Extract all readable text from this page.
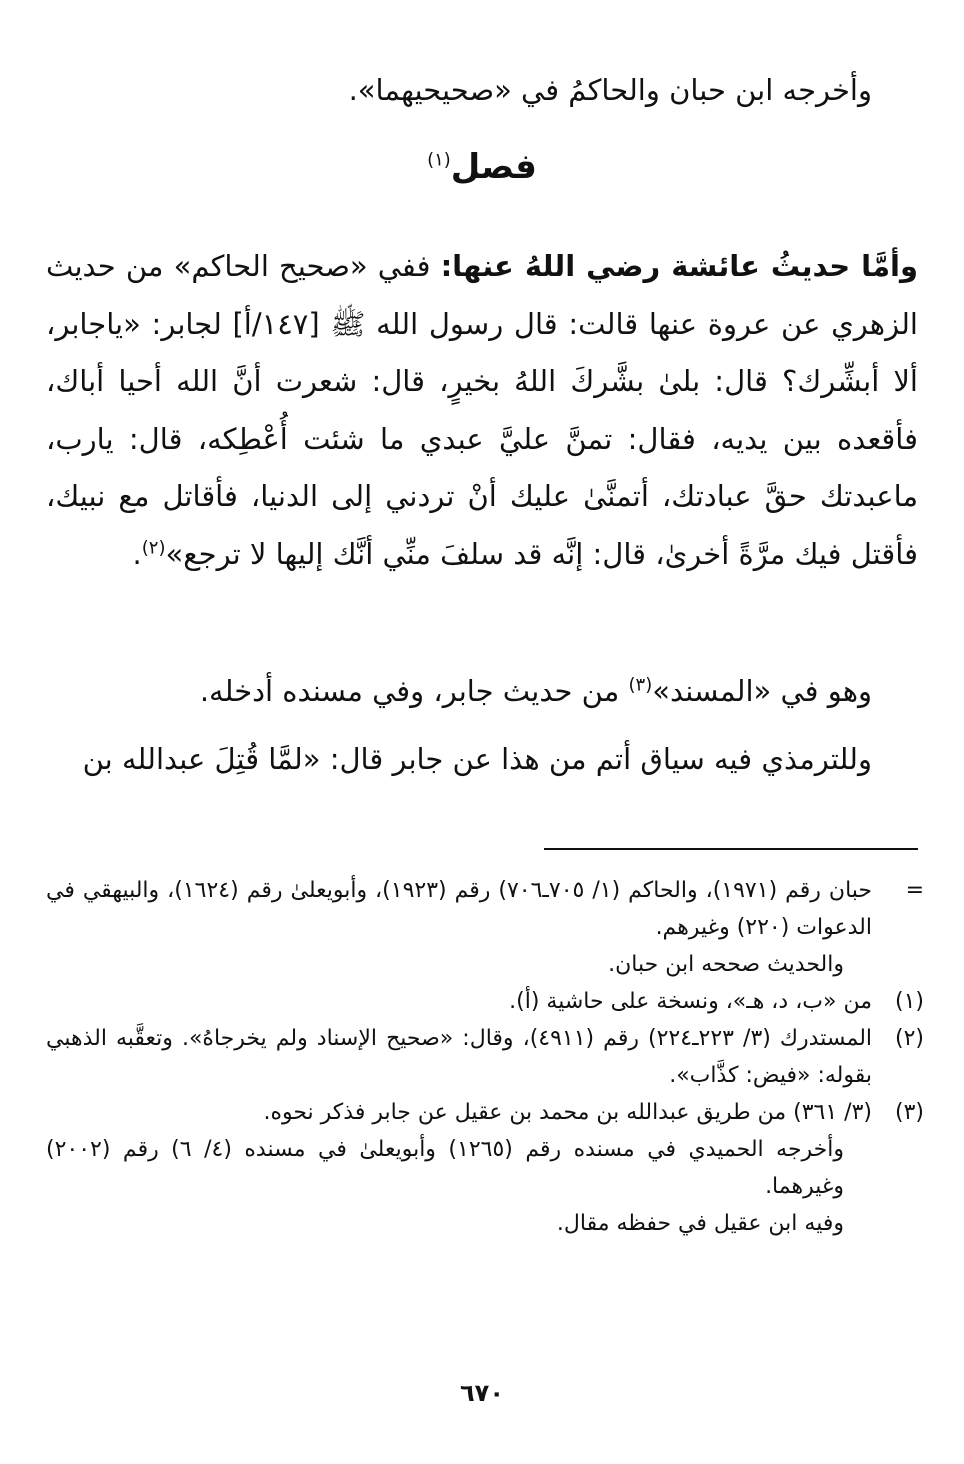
وأخرجه ابن حبان والحاكمُ في «صحيحيهما».

فصل$^{(١)}$

وأمَّا حديثُ عائشة رضي اللهُ عنها: ففي «صحيح الحاكم» من حديث الزهري عن عروة عنها قالت: قال رسول الله ﷺ [١٤٧/أ] لجابر: «ياجابر، ألا أبشِّرك؟ قال: بلىٰ بشَّركَ اللهُ بخيرٍ، قال: شعرت أنَّ الله أحيا أباك، فأقعده بين يديه، فقال: تمنَّ عليَّ عبدي ما شئت أُعْطِكه، قال: يارب، ماعبدتك حقَّ عبادتك، أتمنَّىٰ عليك أنْ تردني إلى الدنيا، فأقاتل مع نبيك، فأقتل فيك مرَّةً أخرىٰ، قال: إنَّه قد سلفَ منِّي أنَّك إليها لا ترجع»$^{(٢)}$.

وهو في «المسند»$^{(٣)}$ من حديث جابر، وفي مسنده أدخله.

وللترمذي فيه سياق أتم من هذا عن جابر قال: «لمَّا قُتِلَ عبدالله بن

=
حبان رقم (١٩٧١)، والحاكم (١/ ٧٠٥ـ٧٠٦) رقم (١٩٢٣)، وأبويعلىٰ رقم (١٦٢٤)، والبيهقي في الدعوات (٢٢٠) وغيرهم.
والحديث صححه ابن حبان.
(١)
من «ب، د، هـ»، ونسخة على حاشية (أ).
(٢)
المستدرك (٣/ ٢٢٣ـ٢٢٤) رقم (٤٩١١)، وقال: «صحيح الإسناد ولم يخرجاهُ». وتعقَّبه الذهبي بقوله: «فيض: كذَّاب».
(٣)
(٣/ ٣٦١) من طريق عبدالله بن محمد بن عقيل عن جابر فذكر نحوه.
وأخرجه الحميدي في مسنده رقم (١٢٦٥) وأبويعلىٰ في مسنده (٤/ ٦) رقم (٢٠٠٢) وغيرهما.
وفيه ابن عقيل في حفظه مقال.
٦٧٠
